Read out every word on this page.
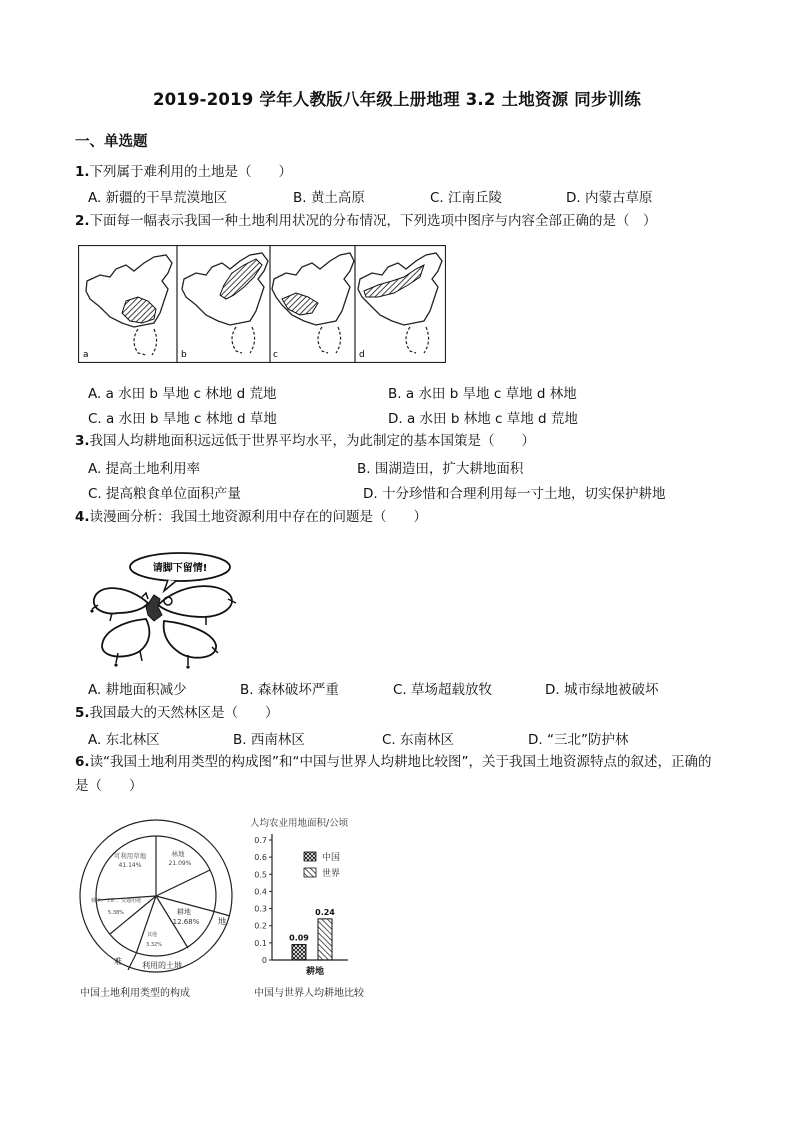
2019-2019 学年人教版八年级上册地理 3.2 土地资源 同步训练
一、单选题
1.下列属于难利用的土地是（　　）
A. 新疆的干旱荒漠地区	B. 黄土高原	C. 江南丘陵	D. 内蒙古草原
2.下面每一幅表示我国一种土地利用状况的分布情况，下列选项中图序与内容全部正确的是（　）
a	b	c	d
A. a 水田 b 旱地 c 林地 d 荒地	B. a 水田 b 旱地 c 草地 d 林地
C. a 水田 b 旱地 c 林地 d 草地	D. a 水田 b 林地 c 草地 d 荒地
3.我国人均耕地面积远远低于世界平均水平，为此制定的基本国策是（　　）
A. 提高土地利用率	B. 围湖造田，扩大耕地面积
C. 提高粮食单位面积产量	D. 十分珍惜和合理利用每一寸土地，切实保护耕地
4.读漫画分析：我国土地资源利用中存在的问题是（　　）
请脚下留情!
A. 耕地面积减少	B. 森林破坏严重	C. 草场超载放牧	D. 城市绿地被破坏
5.我国最大的天然林区是（　　）
A. 东北林区	B. 西南林区	C. 东南林区	D. “三北”防护林
6.读“我国土地利用类型的构成图”和“中国与世界人均耕地比较图”，关于我国土地资源特点的叙述，正确的是（　　）
可利用草地
41.14%
林地
21.09%
耕地
12.68%
城乡、工矿、交通用地
5.38%
其他
3.32%
利用的土地
地
难
中国土地利用类型的构成
人均农业用地面积/公顷
0
0.1
0.2
0.3
0.4
0.5
0.6
0.7
0.09
0.24
中国
世界
耕地
中国与世界人均耕地比较
